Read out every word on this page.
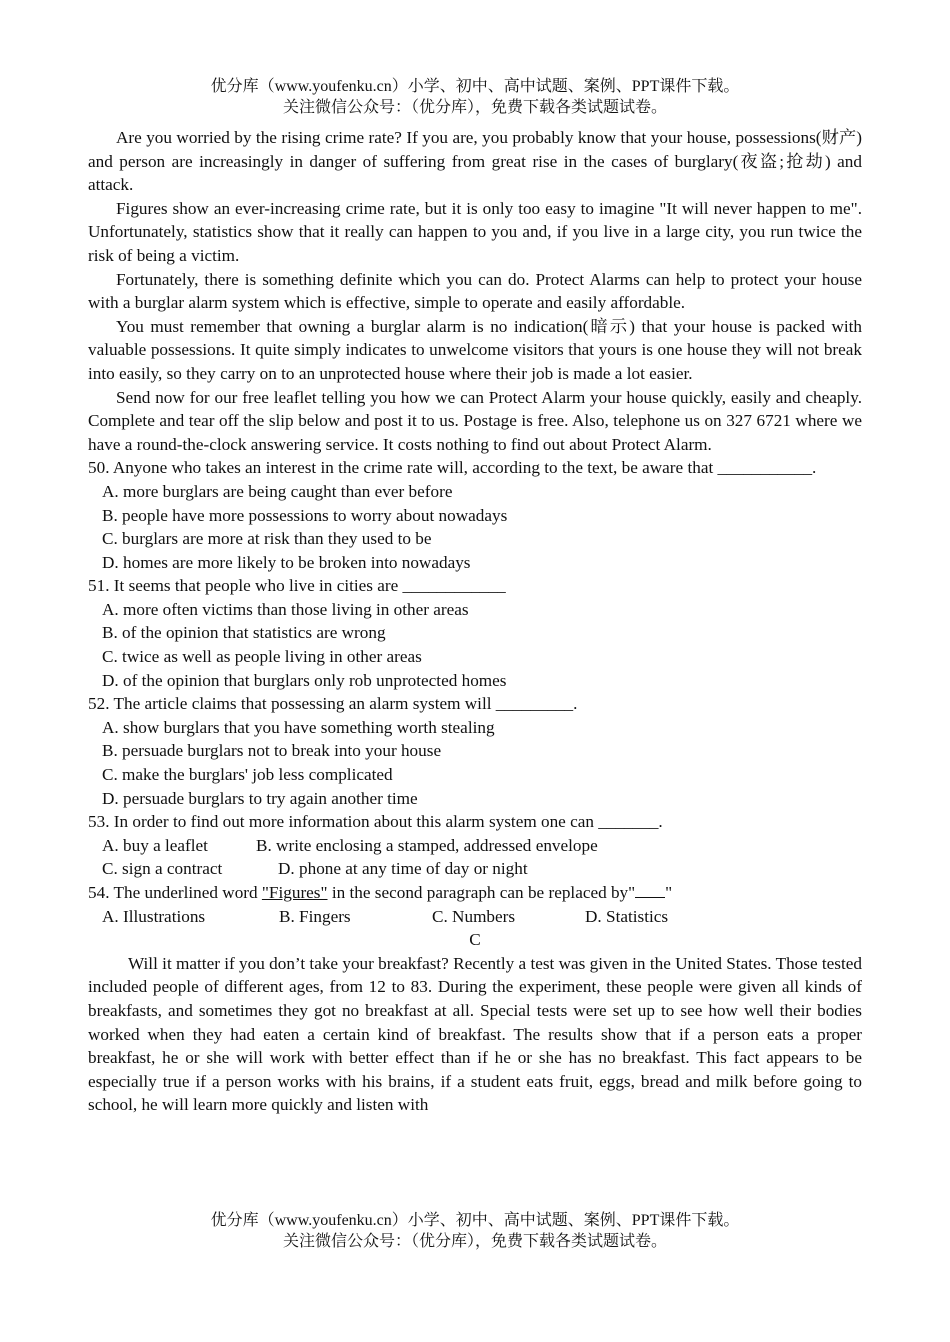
优分库（www.youfenku.cn）小学、初中、高中试题、案例、PPT课件下载。
关注微信公众号：（优分库），免费下载各类试题试卷。

Are you worried by the rising crime rate? If you are, you probably know that your house, possessions(财产) and person are increasingly in danger of suffering from great rise in the cases of burglary(夜盗;抢劫) and attack.

Figures show an ever-increasing crime rate, but it is only too easy to imagine "It will never happen to me". Unfortunately, statistics show that it really can happen to you and, if you live in a large city, you run twice the risk of being a victim.

Fortunately, there is something definite which you can do. Protect Alarms can help to protect your house with a burglar alarm system which is effective, simple to operate and easily affordable.

You must remember that owning a burglar alarm is no indication(暗示) that your house is packed with valuable possessions. It quite simply indicates to unwelcome visitors that yours is one house they will not break into easily, so they carry on to an unprotected house where their job is made a lot easier.

Send now for our free leaflet telling you how we can Protect Alarm your house quickly, easily and cheaply. Complete and tear off the slip below and post it to us. Postage is free. Also, telephone us on 327 6721 where we have a round-the-clock answering service. It costs nothing to find out about Protect Alarm.

50. Anyone who takes an interest in the crime rate will, according to the text, be aware that ___________.

A. more burglars are being caught than ever before

B. people have more possessions to worry about nowadays

C. burglars are more at risk than they used to be

D. homes are more likely to be broken into nowadays

51. It seems that people who live in cities are ____________

A. more often victims than those living in other areas

B. of the opinion that statistics are wrong

C. twice as well as people living in other areas

D. of the opinion that burglars only rob unprotected homes

52. The article claims that possessing an alarm system will _________.

A. show burglars that you have something worth stealing

B. persuade burglars not to break into your house

C. make the burglars' job less complicated

D. persuade burglars to try again another time

53. In order to find out more information about this alarm system one can _______.

A. buy a leaflet	B. write enclosing a stamped, addressed envelope
C. sign a contract	D. phone at any time of day or night

54. The underlined word "Figures" in the second paragraph can be replaced by" "

A. Illustrations	B. Fingers	C. Numbers	D. Statistics

C

Will it matter if you don’t take your breakfast? Recently a test was given in the United States. Those tested included people of different ages, from 12 to 83. During the experiment, these people were given all kinds of breakfasts, and sometimes they got no breakfast at all. Special tests were set up to see how well their bodies worked when they had eaten a certain kind of breakfast. The results show that if a person eats a proper breakfast, he or she will work with better effect than if he or she has no breakfast. This fact appears to be especially true if a person works with his brains, if a student eats fruit, eggs, bread and milk before going to school, he will learn more quickly and listen with

优分库（www.youfenku.cn）小学、初中、高中试题、案例、PPT课件下载。
关注微信公众号：（优分库），免费下载各类试题试卷。
